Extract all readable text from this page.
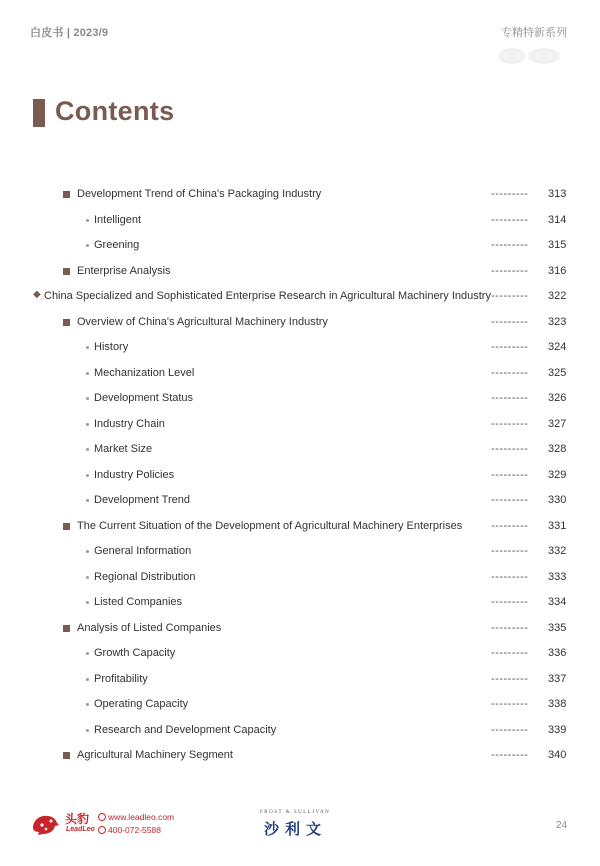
白皮书 | 2023/9	专精特新系列
Contents
Development Trend of China's Packaging Industry	--------- 313
Intelligent	--------- 314
Greening	--------- 315
Enterprise Analysis	--------- 316
◆ China Specialized and Sophisticated Enterprise Research in Agricultural Machinery Industry --------- 322
Overview of China's Agricultural Machinery Industry	--------- 323
History	--------- 324
Mechanization Level	--------- 325
Development Status	--------- 326
Industry Chain	--------- 327
Market Size	--------- 328
Industry Policies	--------- 329
Development Trend	--------- 330
The Current Situation of the Development of Agricultural Machinery Enterprises	--------- 331
General Information	--------- 332
Regional Distribution	--------- 333
Listed Companies	--------- 334
Analysis of Listed Companies	--------- 335
Growth Capacity	--------- 336
Profitability	--------- 337
Operating Capacity	--------- 338
Research and Development Capacity	--------- 339
Agricultural Machinery Segment	--------- 340
头豹
LeadLeo
www.leadleo.com
400-072-5588
FROST & SULLIVAN
沙利文	24
